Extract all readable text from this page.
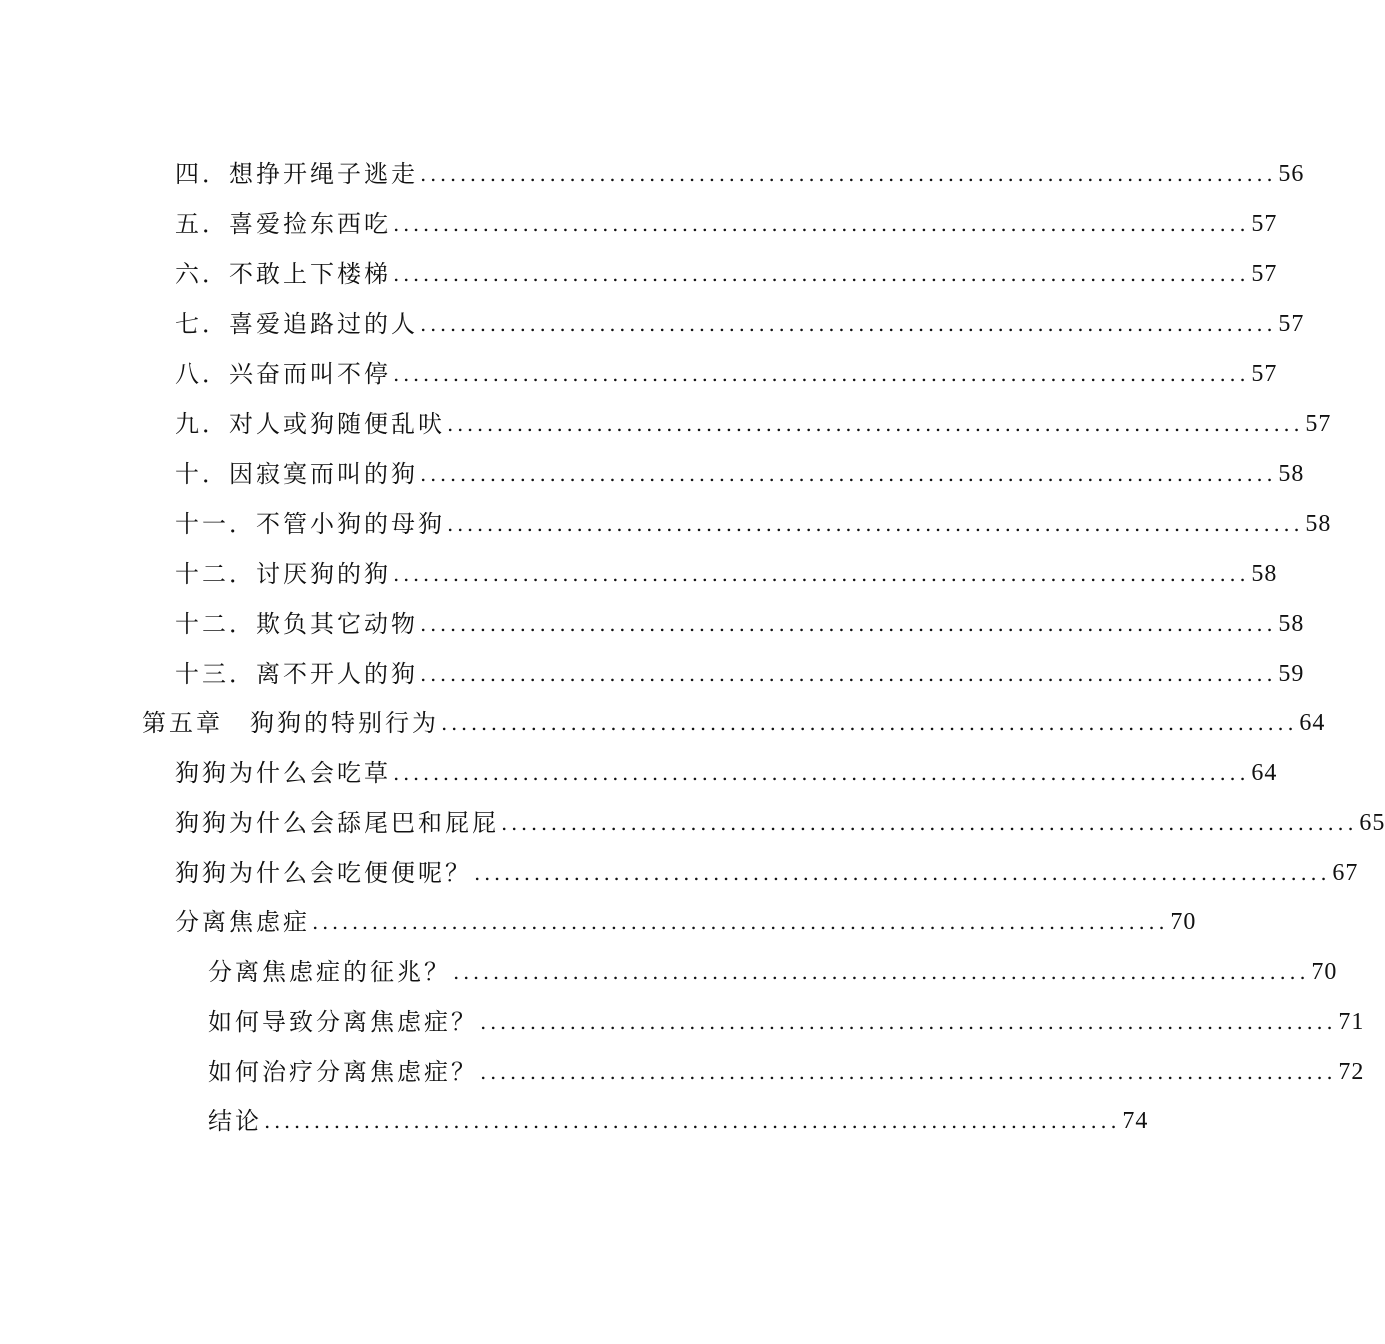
四．想挣开绳子逃走 ...................................................................................... 56
五．喜爱捡东西吃 ...................................................................................... 57
六．不敢上下楼梯 ...................................................................................... 57
七．喜爱追路过的人 ...................................................................................... 57
八．兴奋而叫不停 ...................................................................................... 57
九．对人或狗随便乱吠 ...................................................................................... 57
十．因寂寞而叫的狗 ...................................................................................... 58
十一．不管小狗的母狗 ...................................................................................... 58
十二．讨厌狗的狗 ...................................................................................... 58
十二．欺负其它动物 ...................................................................................... 58
十三．离不开人的狗 ...................................................................................... 59
第五章　狗狗的特别行为 ...................................................................................... 64
狗狗为什么会吃草 ...................................................................................... 64
狗狗为什么会舔尾巴和屁屁 ...................................................................................... 65
狗狗为什么会吃便便呢？ ...................................................................................... 67
分离焦虑症 ...................................................................................... 70
分离焦虑症的征兆？ ...................................................................................... 70
如何导致分离焦虑症？ ...................................................................................... 71
如何治疗分离焦虑症？ ...................................................................................... 72
结论 ...................................................................................... 74
